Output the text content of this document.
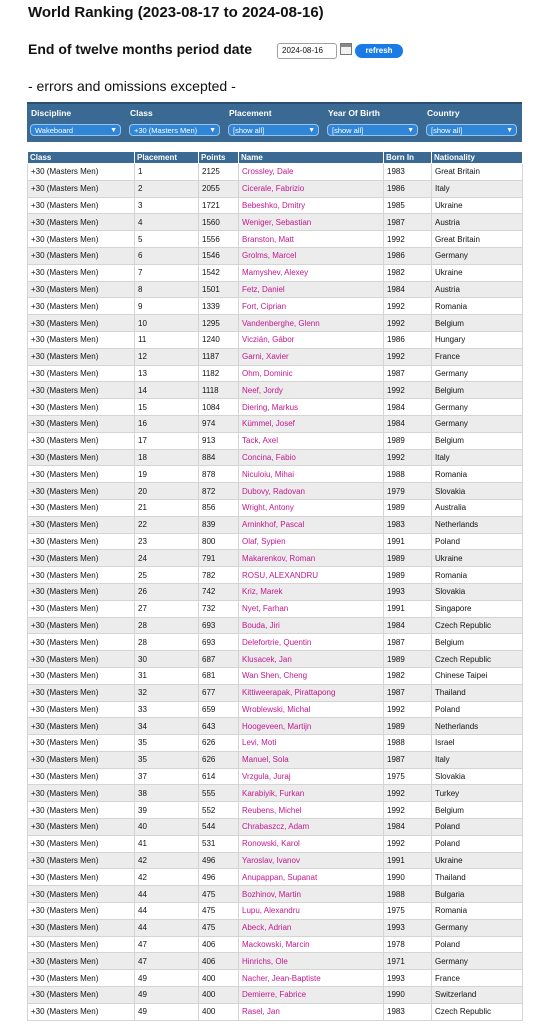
World Ranking (2023-08-17 to 2024-08-16)
End of twelve months period date	2024-08-16	refresh
- errors and omissions excepted -
Discipline
Wakeboard	▼
Class
+30 (Masters Men) ▼
Placement
[show all]	▼
Year Of Birth
[show all]	▼
Country
[show all]	▼
Class	Placement	Points	Name	Born In	Nationality
+30 (Masters Men)	1	2125	Crossley, Dale	1983	Great Britain
+30 (Masters Men)	2	2055	Cicerale, Fabrizio	1986	Italy
+30 (Masters Men)	3	1721	Bebeshko, Dmitry	1985	Ukraine
+30 (Masters Men)	4	1560	Weniger, Sebastian	1987	Austria
+30 (Masters Men)	5	1556	Branston, Matt	1992	Great Britain
+30 (Masters Men)	6	1546	Grolms, Marcel	1986	Germany
+30 (Masters Men)	7	1542	Mamyshev, Alexey	1982	Ukraine
+30 (Masters Men)	8	1501	Fetz, Daniel	1984	Austria
+30 (Masters Men)	9	1339	Fort, Ciprian	1992	Romania
+30 (Masters Men)	10	1295	Vandenberghe, Glenn	1992	Belgium
+30 (Masters Men)	11	1240	Viczián, Gábor	1986	Hungary
+30 (Masters Men)	12	1187	Garni, Xavier	1992	France
+30 (Masters Men)	13	1182	Ohm, Dominic	1987	Germany
+30 (Masters Men)	14	1118	Neef, Jordy	1992	Belgium
+30 (Masters Men)	15	1084	Diering, Markus	1984	Germany
+30 (Masters Men)	16	974	Kümmel, Josef	1984	Germany
+30 (Masters Men)	17	913	Tack, Axel	1989	Belgium
+30 (Masters Men)	18	884	Concina, Fabio	1992	Italy
+30 (Masters Men)	19	878	Niculoiu, Mihai	1988	Romania
+30 (Masters Men)	20	872	Dubovy, Radovan	1979	Slovakia
+30 (Masters Men)	21	856	Wright, Antony	1989	Australia
+30 (Masters Men)	22	839	Arninkhof, Pascal	1983	Netherlands
+30 (Masters Men)	23	800	Olaf, Sypien	1991	Poland
+30 (Masters Men)	24	791	Makarenkov, Roman	1989	Ukraine
+30 (Masters Men)	25	782	ROSU, ALEXANDRU	1989	Romania
+30 (Masters Men)	26	742	Kriz, Marek	1993	Slovakia
+30 (Masters Men)	27	732	Nyet, Farhan	1991	Singapore
+30 (Masters Men)	28	693	Bouda, Jiri	1984	Czech Republic
+30 (Masters Men)	28	693	Delefortrie, Quentin	1987	Belgium
+30 (Masters Men)	30	687	Klusacek, Jan	1989	Czech Republic
+30 (Masters Men)	31	681	Wan Shen, Cheng	1982	Chinese Taipei
+30 (Masters Men)	32	677	Kittiweerapak, Pirattapong	1987	Thailand
+30 (Masters Men)	33	659	Wroblewski, Michal	1992	Poland
+30 (Masters Men)	34	643	Hoogeveen, Martijn	1989	Netherlands
+30 (Masters Men)	35	626	Levi, Moti	1988	Israel
+30 (Masters Men)	35	626	Manuel, Sola	1987	Italy
+30 (Masters Men)	37	614	Vrzgula, Juraj	1975	Slovakia
+30 (Masters Men)	38	555	Karabiyik, Furkan	1992	Turkey
+30 (Masters Men)	39	552	Reubens, Michel	1992	Belgium
+30 (Masters Men)	40	544	Chrabaszcz, Adam	1984	Poland
+30 (Masters Men)	41	531	Ronowski, Karol	1992	Poland
+30 (Masters Men)	42	496	Yaroslav, Ivanov	1991	Ukraine
+30 (Masters Men)	42	496	Anupappan, Supanat	1990	Thailand
+30 (Masters Men)	44	475	Bozhinov, Martin	1988	Bulgaria
+30 (Masters Men)	44	475	Lupu, Alexandru	1975	Romania
+30 (Masters Men)	44	475	Abeck, Adrian	1993	Germany
+30 (Masters Men)	47	406	Mackowski, Marcin	1978	Poland
+30 (Masters Men)	47	406	Hinrichs, Ole	1971	Germany
+30 (Masters Men)	49	400	Nacher, Jean-Baptiste	1993	France
+30 (Masters Men)	49	400	Demierre, Fabrice	1990	Switzerland
+30 (Masters Men)	49	400	Rasel, Jan	1983	Czech Republic
